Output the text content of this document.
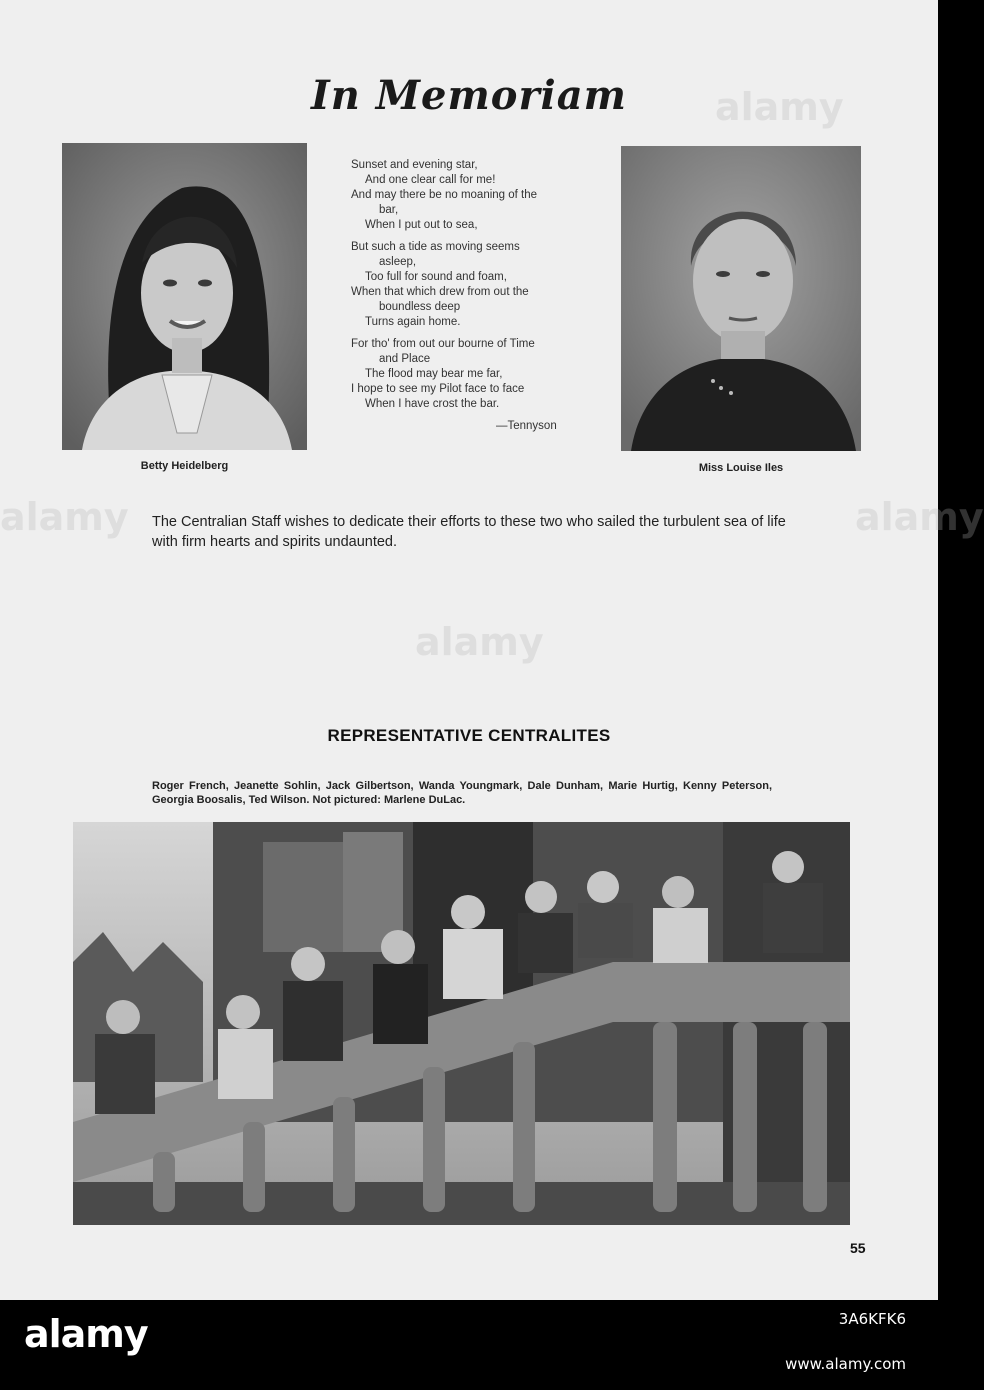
In Memoriam
Betty Heidelberg
Sunset and evening star,
And one clear call for me!
And may there be no moaning of the
bar,
When I put out to sea,
But such a tide as moving seems
asleep,
Too full for sound and foam,
When that which drew from out the
boundless deep
Turns again home.
For tho' from out our bourne of Time
and Place
The flood may bear me far,
I hope to see my Pilot face to face
When I have crost the bar.
—Tennyson
Miss Louise Iles
The Centralian Staff wishes to dedicate their efforts to these two who sailed the turbulent sea of life with firm hearts and spirits undaunted.
REPRESENTATIVE CENTRALITES
Roger French, Jeanette Sohlin, Jack Gilbertson, Wanda Youngmark, Dale Dunham, Marie Hurtig, Kenny Peterson, Georgia Boosalis, Ted Wilson. Not pictured: Marlene DuLac.
55
alamy
alamy
alamy	alamy
alamy	3A6KFK6
www.alamy.com
